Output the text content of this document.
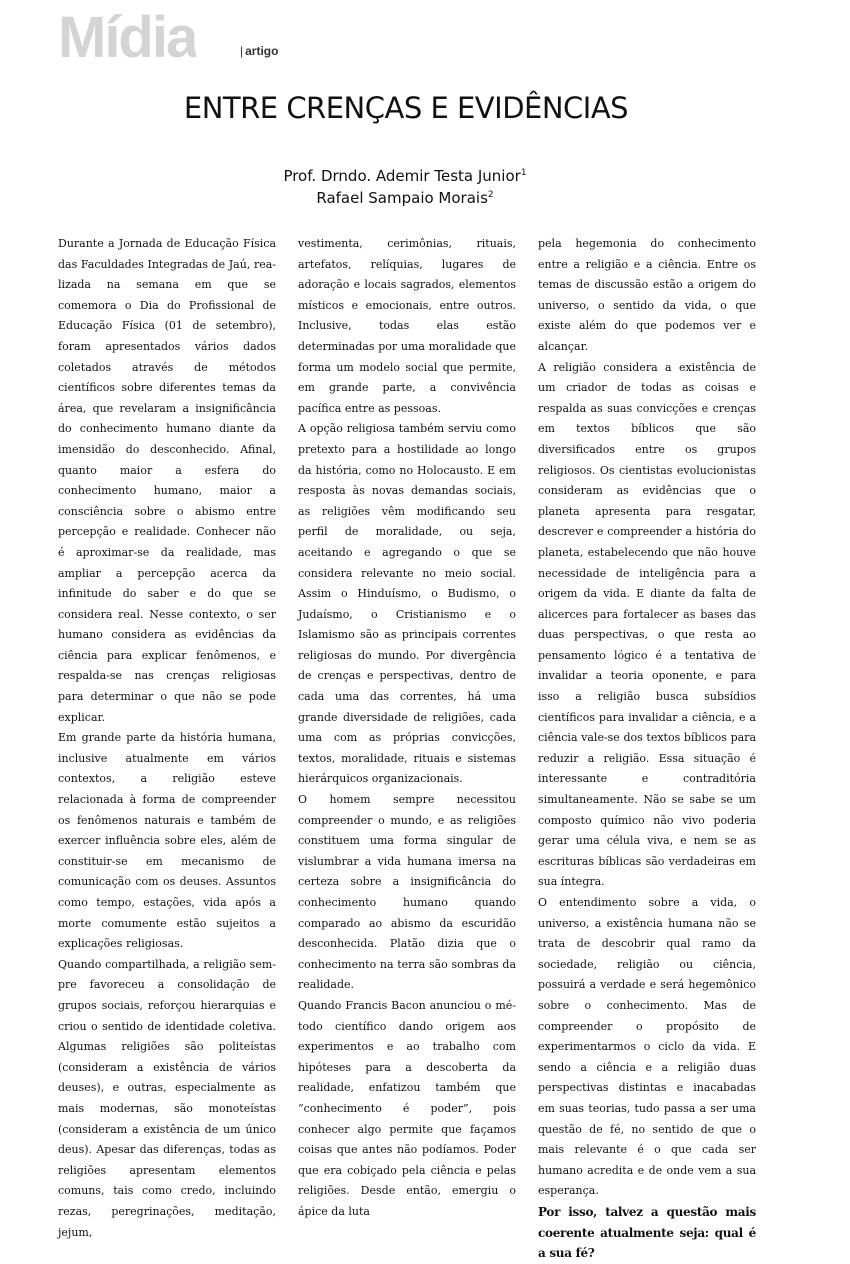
Mídia	| artigo
ENTRE CRENÇAS E EVIDÊNCIAS
Prof. Drndo. Ademir Testa Junior$^1$
Rafael Sampaio Morais$^2$

Durante a Jornada de Educação Física das Faculdades Integradas de Jaú, realizada na semana em que se comemora o Dia do Profissional de Educação Física (01 de setembro), foram apresentados vários dados coletados através de métodos científicos sobre diferentes temas da área, que revelaram a insignificância do conhecimento humano diante da imensidão do desconhecido. Afinal, quanto maior a esfera do conhecimento humano, maior a consciência sobre o abismo entre percepção e realidade. Conhecer não é aproximar-se da realidade, mas ampliar a percepção acerca da infinitude do saber e do que se considera real. Nesse contexto, o ser humano considera as evidências da ciência para explicar fenômenos, e respalda-se nas crenças religiosas para determinar o que não se pode explicar.

Em grande parte da história humana, inclusive atualmente em vários contextos, a religião esteve relacionada à forma de compreender os fenômenos naturais e também de exercer influência sobre eles, além de constituir-se em mecanismo de comunicação com os deuses. Assuntos como tempo, estações, vida após a morte comumente estão sujeitos a explicações religiosas.

Quando compartilhada, a religião sempre favoreceu a consolidação de grupos sociais, reforçou hierarquias e criou o sentido de identidade coletiva. Algumas religiões são politeístas (consideram a existência de vários deuses), e outras, especialmente as mais modernas, são monoteístas (consideram a existência de um único deus). Apesar das diferenças, todas as religiões apresentam elementos comuns, tais como credo, incluindo rezas, peregrinações, meditação, jejum,

vestimenta, cerimônias, rituais, artefatos, relíquias, lugares de adoração e locais sagrados, elementos místicos e emocionais, entre outros. Inclusive, todas elas estão determinadas por uma moralidade que forma um modelo social que permite, em grande parte, a convivência pacífica entre as pessoas.

A opção religiosa também serviu como pretexto para a hostilidade ao longo da história, como no Holocausto. E em resposta às novas demandas sociais, as religiões vêm modificando seu perfil de moralidade, ou seja, aceitando e agregando o que se considera relevante no meio social. Assim o Hinduísmo, o Budismo, o Judaísmo, o Cristianismo e o Islamismo são as principais correntes religiosas do mundo. Por divergência de crenças e perspectivas, dentro de cada uma das correntes, há uma grande diversidade de religiões, cada uma com as próprias convicções, textos, moralidade, rituais e sistemas hierárquicos organizacionais.

O homem sempre necessitou compreender o mundo, e as religiões constituem uma forma singular de vislumbrar a vida humana imersa na certeza sobre a insignificância do conhecimento humano quando comparado ao abismo da escuridão desconhecida. Platão dizia que o conhecimento na terra são sombras da realidade.

Quando Francis Bacon anunciou o método científico dando origem aos experimentos e ao trabalho com hipóteses para a descoberta da realidade, enfatizou também que “conhecimento é poder”, pois conhecer algo permite que façamos coisas que antes não podíamos. Poder que era cobiçado pela ciência e pelas religiões. Desde então, emergiu o ápice da luta

pela hegemonia do conhecimento entre a religião e a ciência. Entre os temas de discussão estão a origem do universo, o sentido da vida, o que existe além do que podemos ver e alcançar.

A religião considera a existência de um criador de todas as coisas e respalda as suas convicções e crenças em textos bíblicos que são diversificados entre os grupos religiosos. Os cientistas evolucionistas consideram as evidências que o planeta apresenta para resgatar, descrever e compreender a história do planeta, estabelecendo que não houve necessidade de inteligência para a origem da vida. E diante da falta de alicerces para fortalecer as bases das duas perspectivas, o que resta ao pensamento lógico é a tentativa de invalidar a teoria oponente, e para isso a religião busca subsídios científicos para invalidar a ciência, e a ciência vale-se dos textos bíblicos para reduzir a religião. Essa situação é interessante e contraditória simultaneamente. Não se sabe se um composto químico não vivo poderia gerar uma célula viva, e nem se as escrituras bíblicas são verdadeiras em sua íntegra.

O entendimento sobre a vida, o universo, a existência humana não se trata de descobrir qual ramo da sociedade, religião ou ciência, possuirá a verdade e será hegemônico sobre o conhecimento. Mas de compreender o propósito de experimentarmos o ciclo da vida. E sendo a ciência e a religião duas perspectivas distintas e inacabadas em suas teorias, tudo passa a ser uma questão de fé, no sentido de que o mais relevante é o que cada ser humano acredita e de onde vem a sua esperança.

Por isso, talvez a questão mais coerente atualmente seja: qual é a sua fé?
